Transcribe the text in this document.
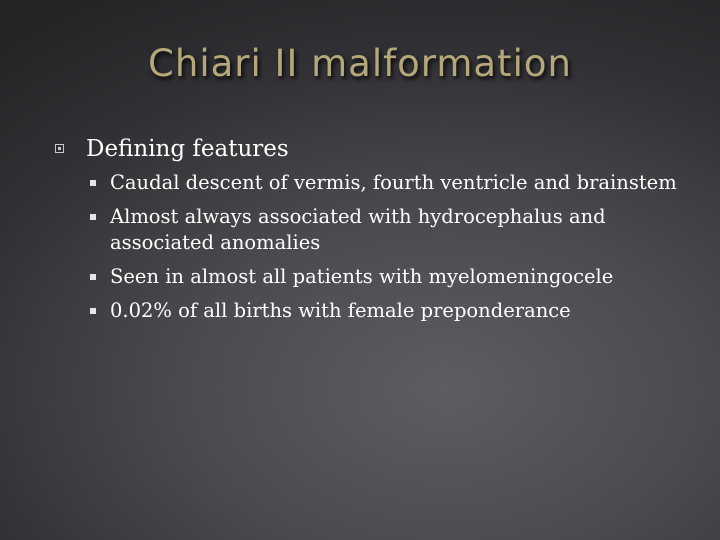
Chiari II malformation
Defining features
Caudal descent of vermis, fourth ventricle and brainstem
Almost always associated with hydrocephalus and associated anomalies
Seen in almost all patients with myelomeningocele
0.02% of all births with female preponderance
